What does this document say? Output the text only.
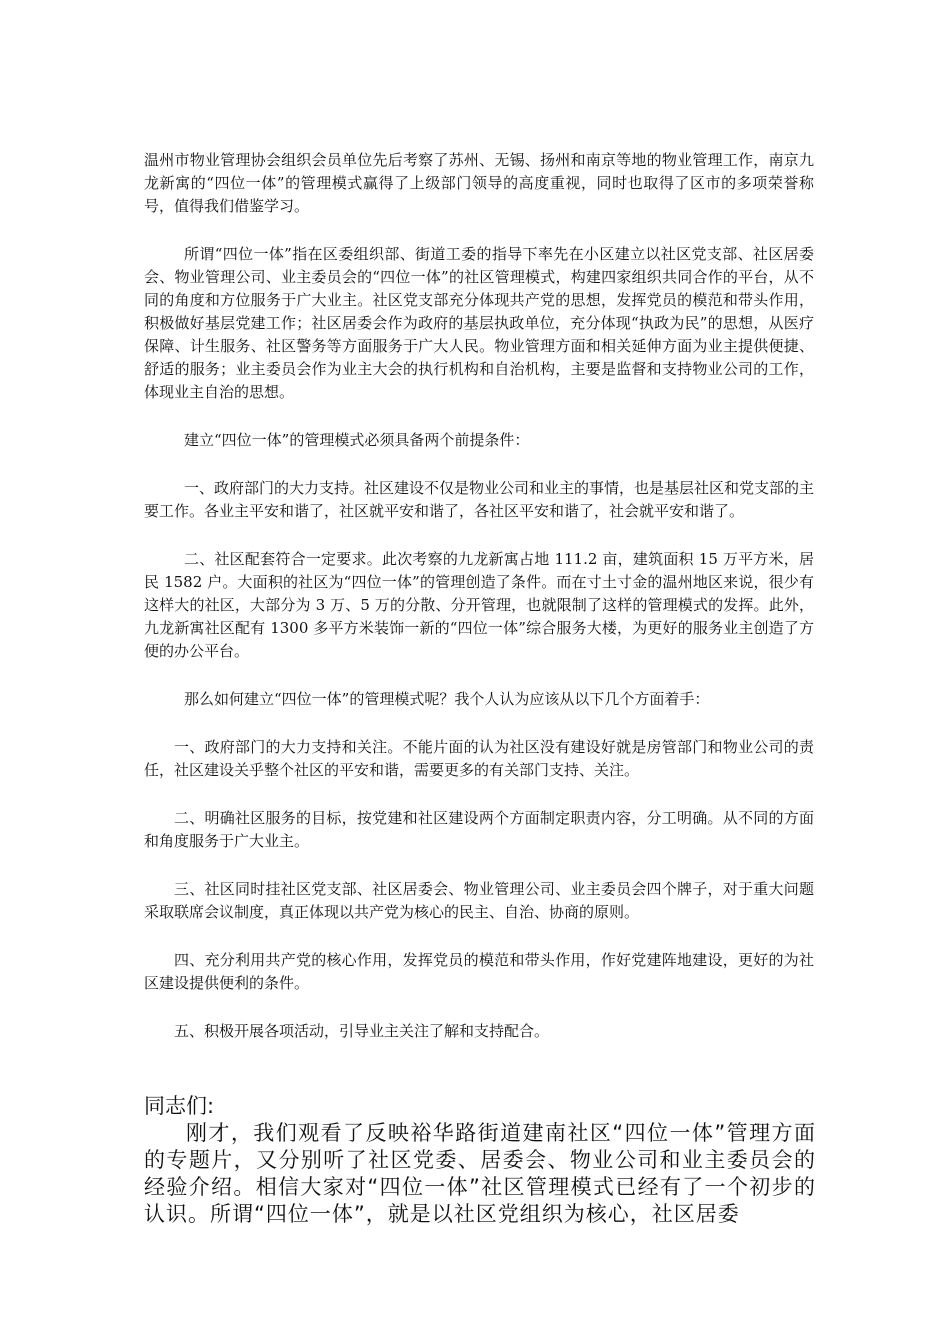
温州市物业管理协会组织会员单位先后考察了苏州、无锡、扬州和南京等地的物业管理工作，南京九龙新寓的“四位一体”的管理模式赢得了上级部门领导的高度重视，同时也取得了区市的多项荣誉称号，值得我们借鉴学习。

所谓“四位一体”指在区委组织部、街道工委的指导下率先在小区建立以社区党支部、社区居委会、物业管理公司、业主委员会的“四位一体”的社区管理模式，构建四家组织共同合作的平台，从不同的角度和方位服务于广大业主。社区党支部充分体现共产党的思想，发挥党员的模范和带头作用，积极做好基层党建工作；社区居委会作为政府的基层执政单位，充分体现“执政为民”的思想，从医疗保障、计生服务、社区警务等方面服务于广大人民。物业管理方面和相关延伸方面为业主提供便捷、舒适的服务；业主委员会作为业主大会的执行机构和自治机构，主要是监督和支持物业公司的工作，体现业主自治的思想。

建立“四位一体”的管理模式必须具备两个前提条件：

一、政府部门的大力支持。社区建设不仅是物业公司和业主的事情，也是基层社区和党支部的主要工作。各业主平安和谐了，社区就平安和谐了，各社区平安和谐了，社会就平安和谐了。

二、社区配套符合一定要求。此次考察的九龙新寓占地 111.2 亩，建筑面积 15 万平方米，居民 1582 户。大面积的社区为“四位一体”的管理创造了条件。而在寸土寸金的温州地区来说，很少有这样大的社区，大部分为 3 万、5 万的分散、分开管理，也就限制了这样的管理模式的发挥。此外，九龙新寓社区配有 1300 多平方米装饰一新的“四位一体”综合服务大楼，为更好的服务业主创造了方便的办公平台。

那么如何建立“四位一体”的管理模式呢？我个人认为应该从以下几个方面着手：

一、政府部门的大力支持和关注。不能片面的认为社区没有建设好就是房管部门和物业公司的责任，社区建设关乎整个社区的平安和谐，需要更多的有关部门支持、关注。

二、明确社区服务的目标，按党建和社区建设两个方面制定职责内容，分工明确。从不同的方面和角度服务于广大业主。

三、社区同时挂社区党支部、社区居委会、物业管理公司、业主委员会四个牌子，对于重大问题采取联席会议制度，真正体现以共产党为核心的民主、自治、协商的原则。

四、充分利用共产党的核心作用，发挥党员的模范和带头作用，作好党建阵地建设，更好的为社区建设提供便利的条件。

五、积极开展各项活动，引导业主关注了解和支持配合。

同志们:

刚才，我们观看了反映裕华路街道建南社区“四位一体”管理方面的专题片，又分别听了社区党委、居委会、物业公司和业主委员会的经验介绍。相信大家对“四位一体”社区管理模式已经有了一个初步的认识。所谓“四位一体”，就是以社区党组织为核心，社区居委
